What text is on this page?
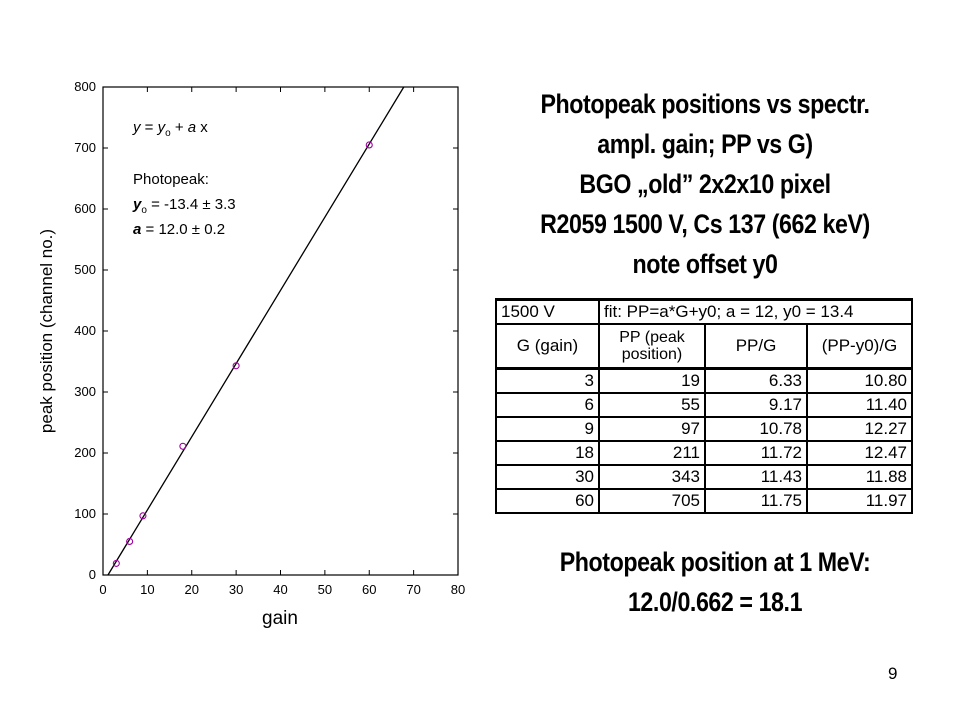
0	10 20 30 40 50 60 70 80
0
100
200
300
400
500
600
700
800
gain
peak position (channel no.)
$y = y_o + a$ x
Photopeak:
$y_o = -13.4 \pm 3.3$
a = 12.0 ± 0.2
Photopeak positions vs spectr.
ampl. gain; PP vs G)
BGO „old” 2x2x10 pixel
R2059 1500 V, Cs 137 (662 keV)
note offset y0
1500 V	fit: PP=a*G+y0; a = 12, y0 = 13.4		
G (gain)	PP (peak position)	PP/G	(PP-y0)/G
3	19	6.33	10.80
6	55	9.17	11.40
9	97	10.78	12.27
18	211	11.72	12.47
30	343	11.43	11.88
60	705	11.75	11.97
Photopeak position at 1 MeV:
12.0/0.662 = 18.1
9
